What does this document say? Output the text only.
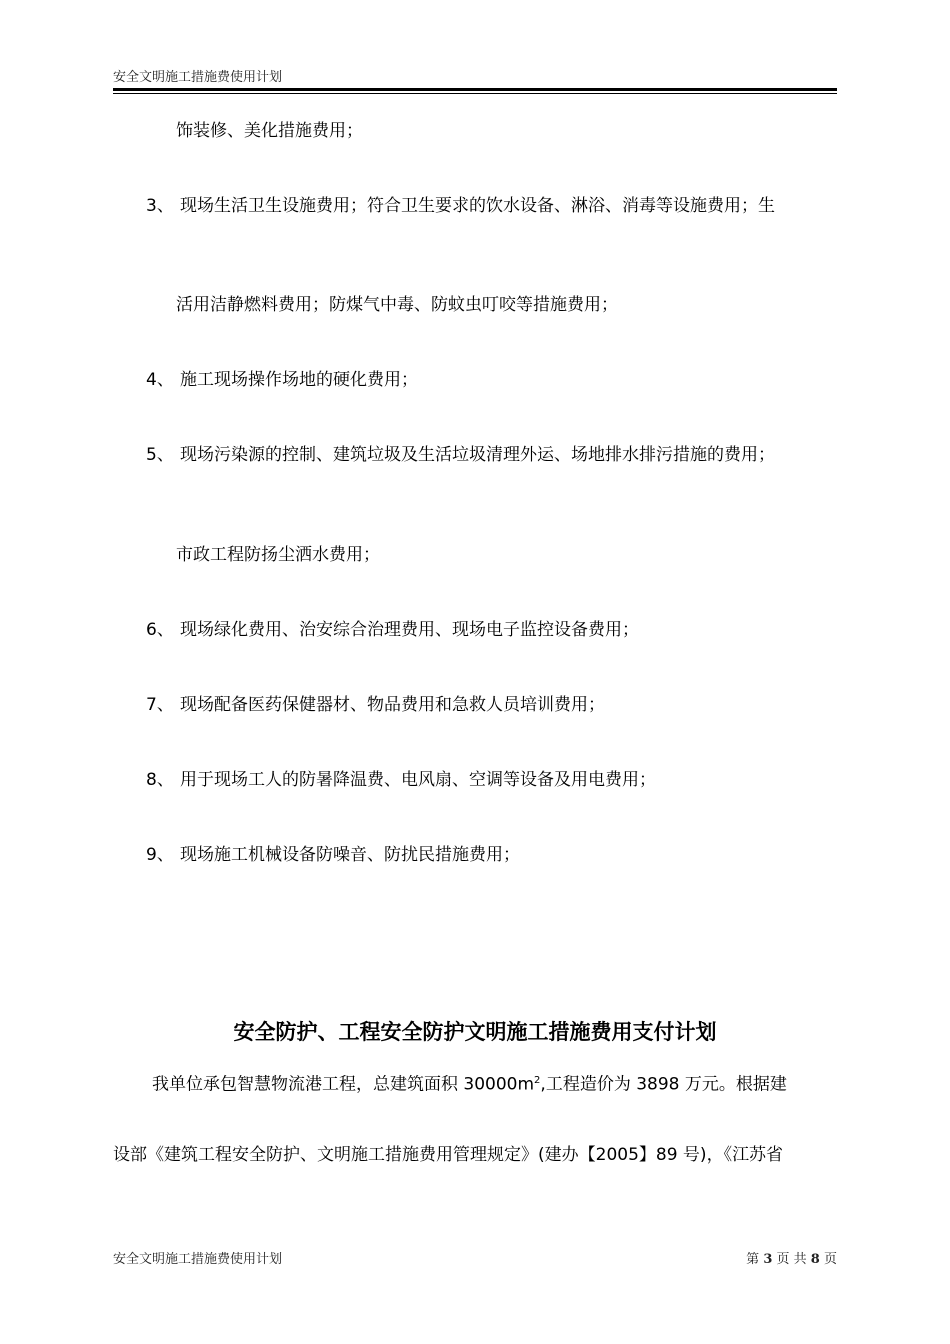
安全文明施工措施费使用计划
饰装修、美化措施费用；
3、 现场生活卫生设施费用；符合卫生要求的饮水设备、淋浴、消毒等设施费用；生
活用洁静燃料费用；防煤气中毒、防蚊虫叮咬等措施费用；
4、 施工现场操作场地的硬化费用；
5、 现场污染源的控制、建筑垃圾及生活垃圾清理外运、场地排水排污措施的费用；
市政工程防扬尘洒水费用；
6、 现场绿化费用、治安综合治理费用、现场电子监控设备费用；
7、 现场配备医药保健器材、物品费用和急救人员培训费用；
8、 用于现场工人的防暑降温费、电风扇、空调等设备及用电费用；
9、 现场施工机械设备防噪音、防扰民措施费用；
安全防护、工程安全防护文明施工措施费用支付计划
我单位承包智慧物流港工程，总建筑面积 $30000m^2$,工程造价为 3898 万元。根据建
设部《建筑工程安全防护、文明施工措施费用管理规定》(建办【2005】89 号)，《江苏省
安全文明施工措施费使用计划	第 3 页 共 8 页
